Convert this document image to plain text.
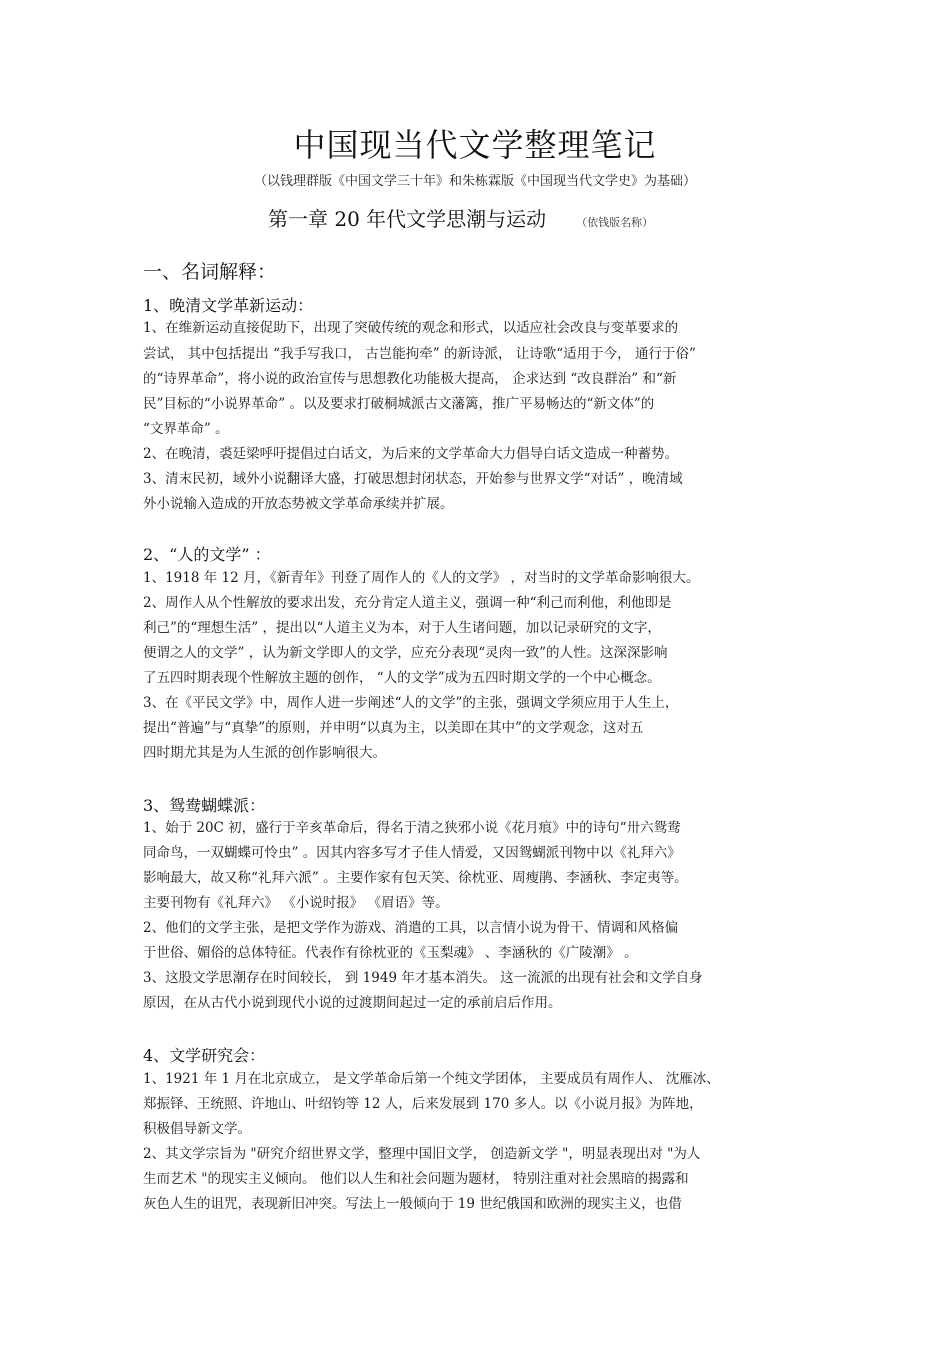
中国现当代文学整理笔记
（以钱理群版《中国文学三十年》和朱栋霖版《中国现当代文学史》为基础）
第一章 20 年代文学思潮与运动	（依钱版名称）
一、名词解释：
1、晚清文学革新运动：
1、在维新运动直接促助下，出现了突破传统的观念和形式，以适应社会改良与变革要求的
尝试， 其中包括提出 “我手写我口， 古岂能拘牵” 的新诗派， 让诗歌“适用于今， 通行于俗”
的“诗界革命”，将小说的政治宣传与思想教化功能极大提高， 企求达到 “改良群治” 和“新
民”目标的“小说界革命” 。以及要求打破桐城派古文藩篱，推广平易畅达的“新文体”的
“文界革命” 。
2、在晚清，裘廷梁呼吁提倡过白话文，为后来的文学革命大力倡导白话文造成一种蓄势。
3、清末民初，域外小说翻译大盛，打破思想封闭状态，开始参与世界文学“对话” ，晚清域
外小说输入造成的开放态势被文学革命承续并扩展。
2、“人的文学” ：
1、1918 年 12 月，《新青年》刊登了周作人的《人的文学》 ，对当时的文学革命影响很大。
2、周作人从个性解放的要求出发，充分肯定人道主义，强调一种“利己而利他，利他即是
利己”的“理想生活” ，提出以“人道主义为本，对于人生诸问题，加以记录研究的文字，
便谓之人的文学” ，认为新文学即人的文学，应充分表现“灵肉一致”的人性。这深深影响
了五四时期表现个性解放主题的创作， “人的文学”成为五四时期文学的一个中心概念。
3、在《平民文学》中，周作人进一步阐述“人的文学”的主张，强调文学须应用于人生上，
提出“普遍”与“真挚”的原则，并申明“以真为主，以美即在其中”的文学观念，这对五
四时期尤其是为人生派的创作影响很大。
3、鸳鸯蝴蝶派：
1、始于 20C 初，盛行于辛亥革命后，得名于清之狭邪小说《花月痕》中的诗句“卅六鸳鸯
同命鸟，一双蝴蝶可怜虫” 。因其内容多写才子佳人情爱，又因鸳蝴派刊物中以《礼拜六》
影响最大，故又称“礼拜六派” 。主要作家有包天笑、徐枕亚、周瘦鹃、李涵秋、李定夷等。
主要刊物有《礼拜六》 《小说时报》 《眉语》等。
2、他们的文学主张，是把文学作为游戏、消遣的工具，以言情小说为骨干、情调和风格偏
于世俗、媚俗的总体特征。代表作有徐枕亚的《玉梨魂》 、李涵秋的《广陵潮》 。
3、这股文学思潮存在时间较长， 到 1949 年才基本消失。 这一流派的出现有社会和文学自身
原因，在从古代小说到现代小说的过渡期间起过一定的承前启后作用。
4、文学研究会：
1、1921 年 1 月在北京成立， 是文学革命后第一个纯文学团体， 主要成员有周作人、 沈雁冰、
郑振铎、王统照、许地山、叶绍钧等 12 人，后来发展到 170 多人。以《小说月报》为阵地，
积极倡导新文学。
2、其文学宗旨为 "研究介绍世界文学，整理中国旧文学， 创造新文学 "，明显表现出对 "为人
生而艺术 "的现实主义倾向。 他们以人生和社会问题为题材， 特别注重对社会黑暗的揭露和
灰色人生的诅咒，表现新旧冲突。写法上一般倾向于 19 世纪俄国和欧洲的现实主义，也借
